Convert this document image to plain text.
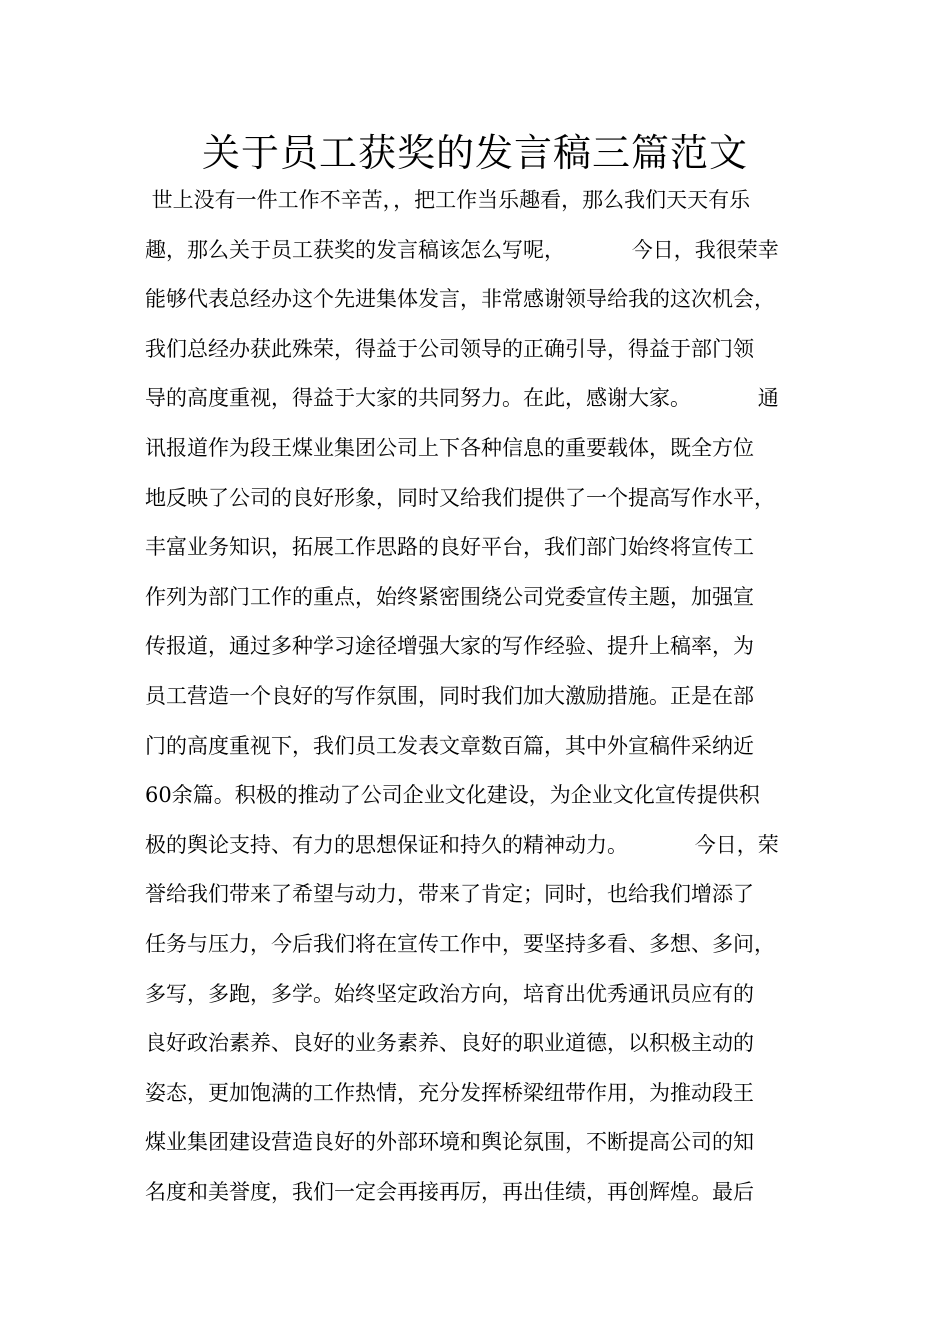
关于员工获奖的发言稿三篇范文
世上没有一件工作不辛苦，，把工作当乐趣看，那么我们天天有乐
趣，那么关于员工获奖的发言稿该怎么写呢，          今日，我很荣幸
能够代表总经办这个先进集体发言，非常感谢领导给我的这次机会，
我们总经办获此殊荣，得益于公司领导的正确引导，得益于部门领
导的高度重视，得益于大家的共同努力。在此，感谢大家。          通
讯报道作为段王煤业集团公司上下各种信息的重要载体，既全方位
地反映了公司的良好形象，同时又给我们提供了一个提高写作水平，
丰富业务知识，拓展工作思路的良好平台，我们部门始终将宣传工
作列为部门工作的重点，始终紧密围绕公司党委宣传主题，加强宣
传报道，通过多种学习途径增强大家的写作经验、提升上稿率，为
员工营造一个良好的写作氛围，同时我们加大激励措施。正是在部
门的高度重视下，我们员工发表文章数百篇，其中外宣稿件采纳近
60余篇。积极的推动了公司企业文化建设，为企业文化宣传提供积
极的舆论支持、有力的思想保证和持久的精神动力。          今日，荣
誉给我们带来了希望与动力，带来了肯定；同时，也给我们增添了
任务与压力，今后我们将在宣传工作中，要坚持多看、多想、多问，
多写，多跑，多学。始终坚定政治方向，培育出优秀通讯员应有的
良好政治素养、良好的业务素养、良好的职业道德，以积极主动的
姿态，更加饱满的工作热情，充分发挥桥梁纽带作用，为推动段王
煤业集团建设营造良好的外部环境和舆论氛围，不断提高公司的知
名度和美誉度，我们一定会再接再厉，再出佳绩，再创辉煌。最后
